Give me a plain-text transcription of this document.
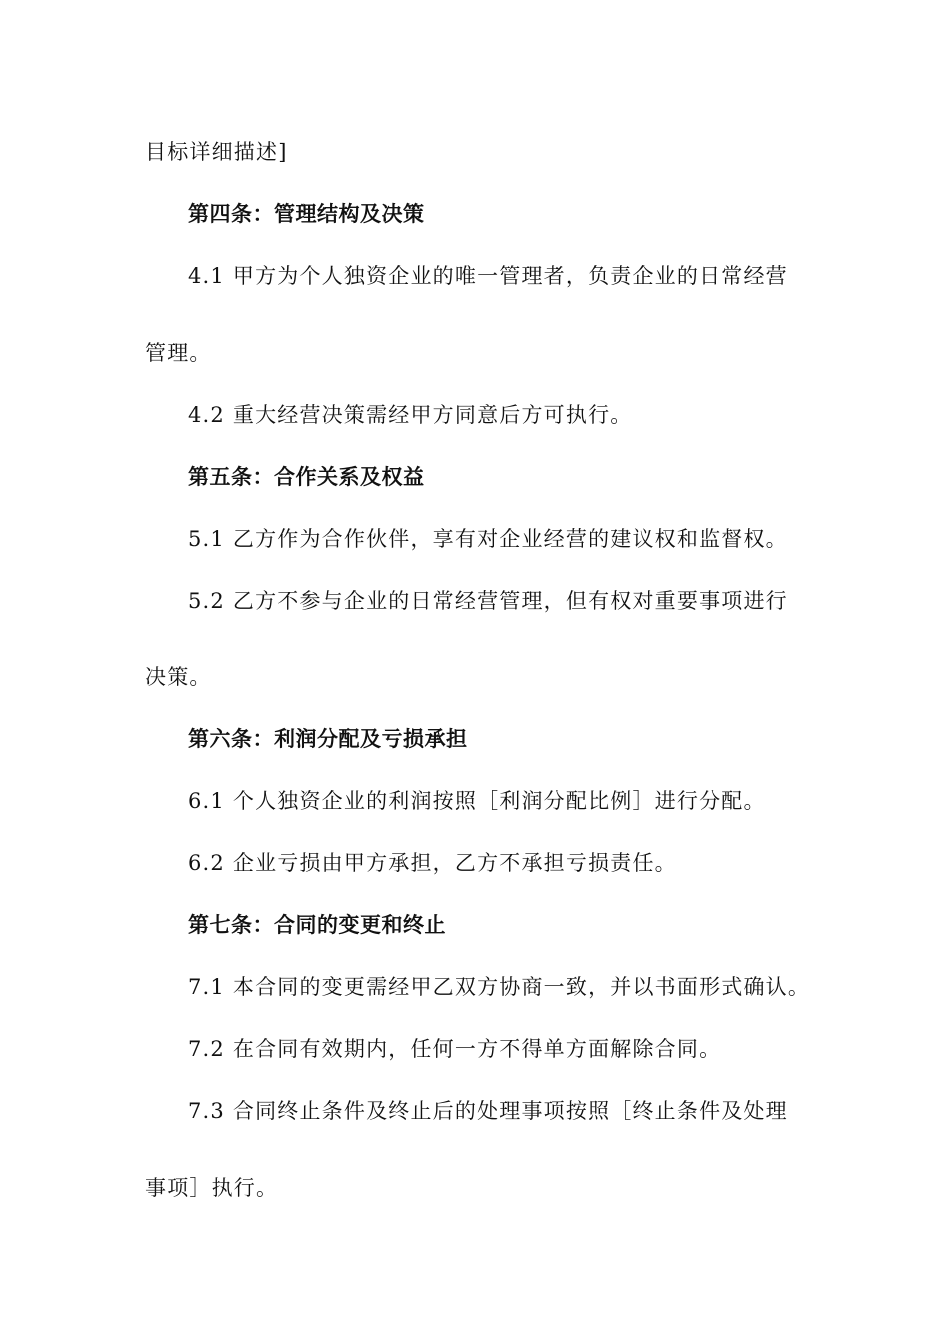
目标详细描述]
第四条：管理结构及决策
4.1 甲方为个人独资企业的唯一管理者，负责企业的日常经营
管理。
4.2 重大经营决策需经甲方同意后方可执行。
第五条：合作关系及权益
5.1 乙方作为合作伙伴，享有对企业经营的建议权和监督权。
5.2 乙方不参与企业的日常经营管理，但有权对重要事项进行
决策。
第六条：利润分配及亏损承担
6.1 个人独资企业的利润按照［利润分配比例］进行分配。
6.2 企业亏损由甲方承担，乙方不承担亏损责任。
第七条：合同的变更和终止
7.1 本合同的变更需经甲乙双方协商一致，并以书面形式确认。
7.2 在合同有效期内，任何一方不得单方面解除合同。
7.3 合同终止条件及终止后的处理事项按照［终止条件及处理
事项］执行。
